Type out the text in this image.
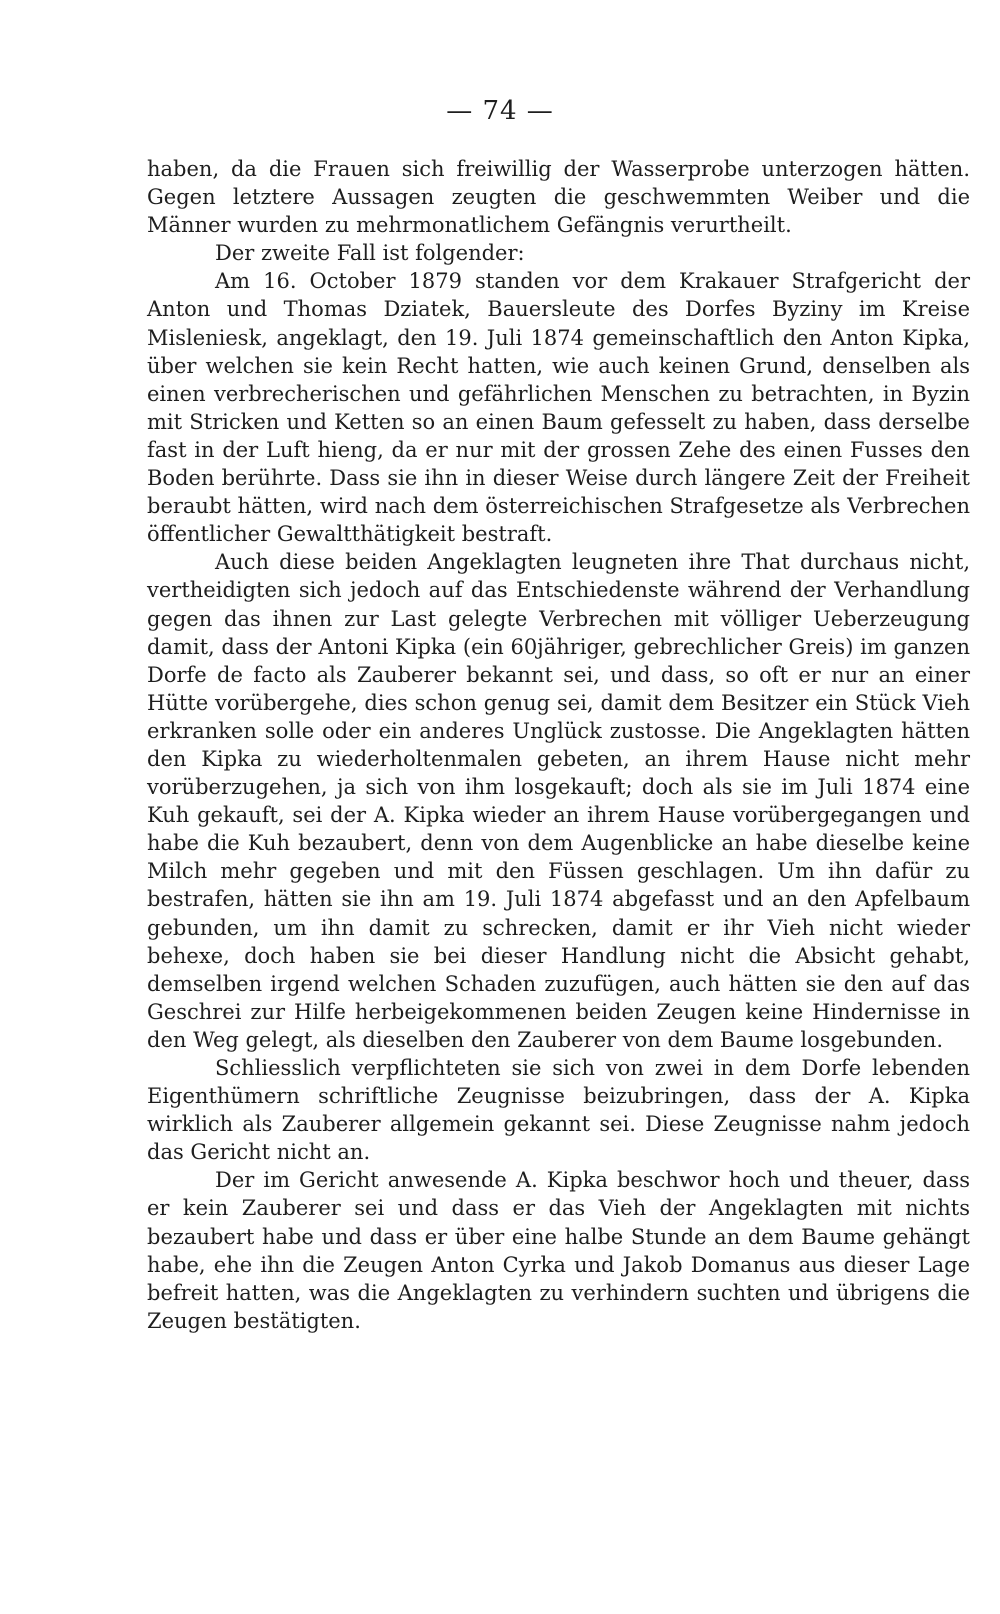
— 74 —

haben, da die Frauen sich freiwillig der Wasserprobe unterzogen hätten. Gegen letztere Aussagen zeugten die geschwemmten Weiber und die Männer wurden zu mehrmonatlichem Gefängnis verurtheilt.

Der zweite Fall ist folgender:

Am 16. October 1879 standen vor dem Krakauer Strafgericht der Anton und Thomas Dziatek, Bauersleute des Dorfes Byziny im Kreise Misleniesk, angeklagt, den 19. Juli 1874 gemeinschaftlich den Anton Kipka, über welchen sie kein Recht hatten, wie auch keinen Grund, denselben als einen verbrecherischen und gefährlichen Menschen zu betrachten, in Byzin mit Stricken und Ketten so an einen Baum gefesselt zu haben, dass derselbe fast in der Luft hieng, da er nur mit der grossen Zehe des einen Fusses den Boden berührte. Dass sie ihn in dieser Weise durch längere Zeit der Freiheit beraubt hätten, wird nach dem österreichischen Strafgesetze als Verbrechen öffentlicher Gewaltthätigkeit bestraft.

Auch diese beiden Angeklagten leugneten ihre That durchaus nicht, vertheidigten sich jedoch auf das Entschiedenste während der Verhandlung gegen das ihnen zur Last gelegte Verbrechen mit völliger Ueberzeugung damit, dass der Antoni Kipka (ein 60jähriger, gebrechlicher Greis) im ganzen Dorfe de facto als Zauberer bekannt sei, und dass, so oft er nur an einer Hütte vorübergehe, dies schon genug sei, damit dem Besitzer ein Stück Vieh erkranken solle oder ein anderes Unglück zustosse. Die Angeklagten hätten den Kipka zu wiederholtenmalen gebeten, an ihrem Hause nicht mehr vorüberzugehen, ja sich von ihm losgekauft; doch als sie im Juli 1874 eine Kuh gekauft, sei der A. Kipka wieder an ihrem Hause vorübergegangen und habe die Kuh bezaubert, denn von dem Augenblicke an habe dieselbe keine Milch mehr gegeben und mit den Füssen geschlagen. Um ihn dafür zu bestrafen, hätten sie ihn am 19. Juli 1874 abgefasst und an den Apfelbaum gebunden, um ihn damit zu schrecken, damit er ihr Vieh nicht wieder behexe, doch haben sie bei dieser Handlung nicht die Absicht gehabt, demselben irgend welchen Schaden zuzufügen, auch hätten sie den auf das Geschrei zur Hilfe herbeigekommenen beiden Zeugen keine Hindernisse in den Weg gelegt, als dieselben den Zauberer von dem Baume losgebunden.

Schliesslich verpflichteten sie sich von zwei in dem Dorfe lebenden Eigenthümern schriftliche Zeugnisse beizubringen, dass der A. Kipka wirklich als Zauberer allgemein gekannt sei. Diese Zeugnisse nahm jedoch das Gericht nicht an.

Der im Gericht anwesende A. Kipka beschwor hoch und theuer, dass er kein Zauberer sei und dass er das Vieh der Angeklagten mit nichts bezaubert habe und dass er über eine halbe Stunde an dem Baume gehängt habe, ehe ihn die Zeugen Anton Cyrka und Jakob Domanus aus dieser Lage befreit hatten, was die Angeklagten zu verhindern suchten und übrigens die Zeugen bestätigten.
